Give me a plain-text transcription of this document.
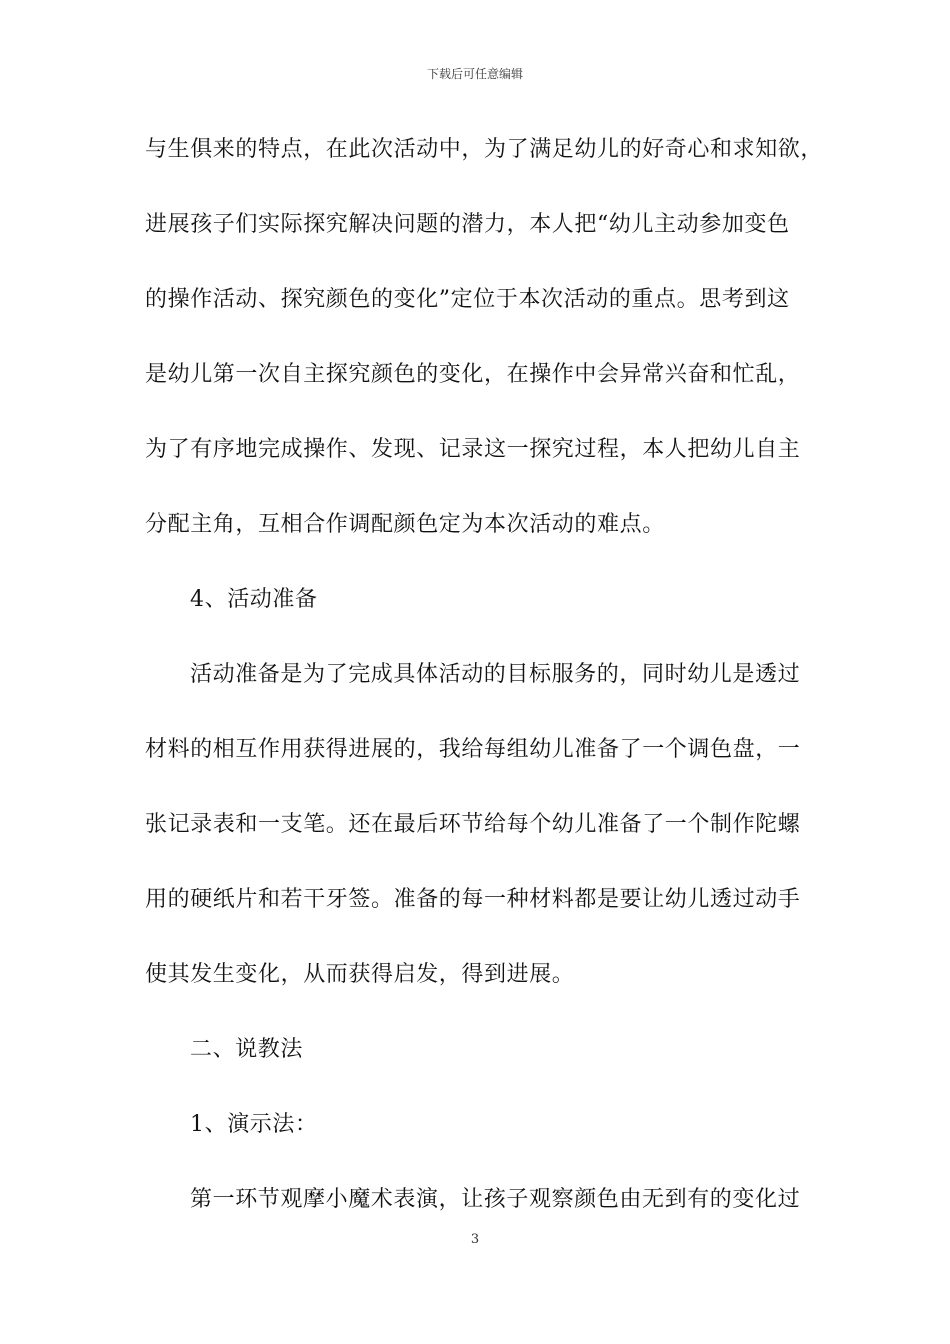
下载后可任意编辑
与生俱来的特点，在此次活动中，为了满足幼儿的好奇心和求知欲，
进展孩子们实际探究解决问题的潜力，本人把“幼儿主动参加变色
的操作活动、探究颜色的变化”定位于本次活动的重点。思考到这
是幼儿第一次自主探究颜色的变化，在操作中会异常兴奋和忙乱，
为了有序地完成操作、发现、记录这一探究过程，本人把幼儿自主
分配主角，互相合作调配颜色定为本次活动的难点。
4、活动准备
活动准备是为了完成具体活动的目标服务的，同时幼儿是透过
材料的相互作用获得进展的，我给每组幼儿准备了一个调色盘，一
张记录表和一支笔。还在最后环节给每个幼儿准备了一个制作陀螺
用的硬纸片和若干牙签。准备的每一种材料都是要让幼儿透过动手
使其发生变化，从而获得启发，得到进展。
二、说教法
1、演示法：
第一环节观摩小魔术表演，让孩子观察颜色由无到有的变化过
3
